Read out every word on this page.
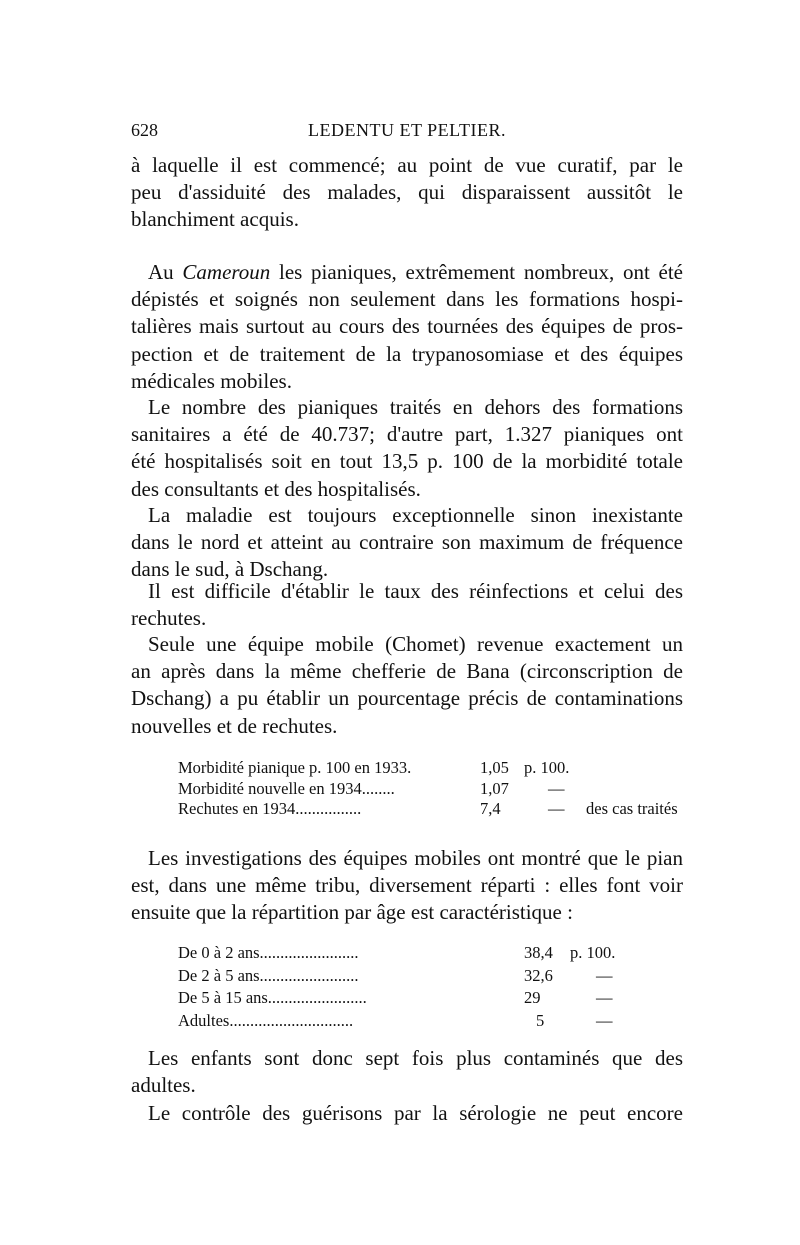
628	LEDENTU ET PELTIER.

à laquelle il est commencé; au point de vue curatif, par le
peu d'assiduité des malades, qui disparaissent aussitôt le
blanchiment acquis.

Au Cameroun les pianiques, extrêmement nombreux, ont été
dépistés et soignés non seulement dans les formations hospi-
talières mais surtout au cours des tournées des équipes de pros-
pection et de traitement de la trypanosomiase et des équipes
médicales mobiles.

Le nombre des pianiques traités en dehors des formations
sanitaires a été de 40.737; d'autre part, 1.327 pianiques ont
été hospitalisés soit en tout 13,5 p. 100 de la morbidité totale
des consultants et des hospitalisés.

La maladie est toujours exceptionnelle sinon inexistante
dans le nord et atteint au contraire son maximum de fréquence
dans le sud, à Dschang.

Il est difficile d'établir le taux des réinfections et celui des
rechutes.

Seule une équipe mobile (Chomet) revenue exactement un
an après dans la même chefferie de Bana (circonscription de
Dschang) a pu établir un pourcentage précis de contaminations
nouvelles et de rechutes.

Morbidité pianique p. 100 en 1933.	1,05 p. 100.
Morbidité nouvelle en 1934........	1,07 —
Rechutes en 1934................	7,4	— des cas traités

Les investigations des équipes mobiles ont montré que le pian
est, dans une même tribu, diversement réparti : elles font voir
ensuite que la répartition par âge est caractéristique :

De 0 à 2 ans........................	38,4 p. 100.
De 2 à 5 ans........................	32,6	—
De 5 à 15 ans........................	29	—
Adultes..............................	5	—

Les enfants sont donc sept fois plus contaminés que des
adultes.

Le contrôle des guérisons par la sérologie ne peut encore
